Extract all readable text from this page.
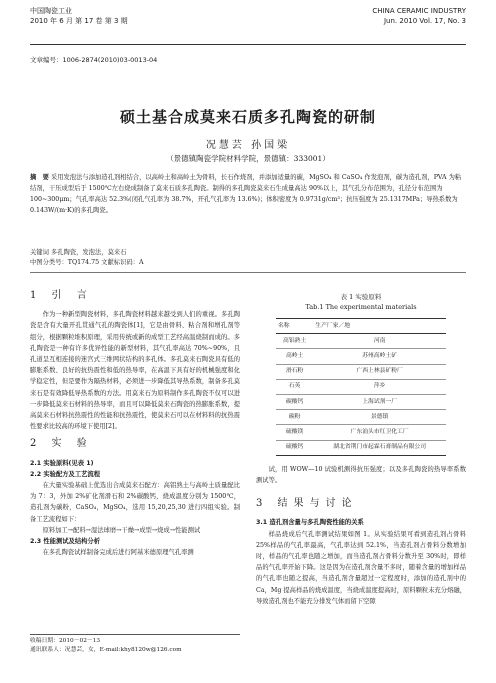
中国陶瓷工业
2010 年 6 月 第 17 卷 第 3 期
CHINA CERAMIC INDUSTRY
Jun. 2010 Vol. 17, No. 3
文章编号：1006-2874(2010)03-0013-04
硕土基合成莫来石质多孔陶瓷的研制
况慧芸 孙国梁
（景德镇陶瓷学院材料学院，景德镇：333001）
摘　要 采用发泡法与添加造孔剂相结合，以高岭土和高岭土为骨料，长石作烧剂，并添加适量的碳，MgSO₄ 和 CaSO₄ 作发泡剂，碳为造孔剂，PVA 为粘结剂，干压成型后于 1500℃左右烧成制备了莫来石质多孔陶瓷。制得的多孔陶瓷莫来石生成量高达 90%以上，其气孔分布范围为，孔径分布范围为 100~300μm；气孔率高达 52.3%(闭孔气孔率为 38.7%，开孔气孔率为 13.6%)；体积密度为 0.9731g/cm³；抗压强度为 25.1317MPa；导热系数为 0.143W/(m·K)的多孔陶瓷。
关键词 多孔陶瓷，发泡法，莫来石
中图分类号：TQ174.75 文献标识码：A
1 引 言

作为一种新型陶瓷材料，多孔陶瓷材料越来越受到人们的重视。多孔陶瓷是含有大量开孔贯通气孔的陶瓷体[1]，它是由骨料、粘合剂和增孔剂等组分，根据颗粒堆积原理，采用传统或新的成型工艺经高温烧制而成的。多孔陶瓷是一种有许多优异性能的新型材料，其气孔率高达 70%~90%，且孔道呈互相连接的迷宫式三维网状结构的多孔体。多孔莫来石陶瓷具有低的膨胀系数、良好的抗热震性和低的热导率，在高温下具有好的机械强度和化学稳定性，但是要作为隔热材料，必须进一步降低其导热系数，制备多孔莫来石是有效降低导热系数的方法。用莫来石为原料制作多孔陶瓷不仅可以进一步降低莫来石材料的热导率，而且可以降低莫来石陶瓷的热膨胀系数，提高莫来石材料抗热震性的性能和抗热震性，使莫来石可以在材料料的抗热震性要求比较高的环境下使用[2]。

2 实 验
2.1 实验原料(见表 1)
2.2 实验配方及工艺流程

在大量实验基础上优选出合成莫来石配方：高铝熟土与高岭土质量配比为 7：3，外加 2%矿化剂滑石和 2%碳酸钙，烧成温度分别为 1500℃，造孔剂为碳粉，CaSO₄，MgSO₄，选用 15,20,25,30 进行四组实验。制备工艺流程如下：

原料加工→配料→湿法球磨→干燥→成型→烧成→性能测试

2.3 性能测试及结构分析

在多孔陶瓷试样制备完成后进行阿基米德原理气孔率测

表 1 实验原料
Tab.1 The experimental materials
名称	生产厂家／地
高铝熟土	河南
高岭土	苏州高岭土矿
滑石粉	广西上林县矿粉厂
石英	萍乡
碳酸钙	上海试剂一厂
碳粉	景德镇
硫酸镁	广东汕头市红卫化工厂
硫酸钙	湖北省荆门市起霖石膏制品有限公司

试，用 WOW—10 试验机测得抗压强度；以及多孔陶瓷的热导率系数测试等。

3 结果与讨论
3.1 造孔剂含量与多孔陶瓷性能的关系

样品烧成后气孔率测试结果如图 1。从实验结果可看到造孔剂占骨料 25%样品的气孔率最高，气孔率达到 52.1%，当造孔剂占骨料分数增加时，样品的气孔率也随之增加，而当造孔剂占骨料分数升至 30%时，即样品的气孔率开始下降。这是因为在造孔剂含量不多时，随着含量的增加样品的气孔率也随之提高，当造孔剂含量超过一定程度时，添加的造孔剂中的 Ca，Mg 提高样品的烧成温度，当烧成温度提高时，原料颗粒未充分熔融，导致造孔剂也不能充分排发气体而留下空隙

收稿日期：2010－02－13
通讯联系人：况慧芸，女，E-mail:khy8120w@126.com
